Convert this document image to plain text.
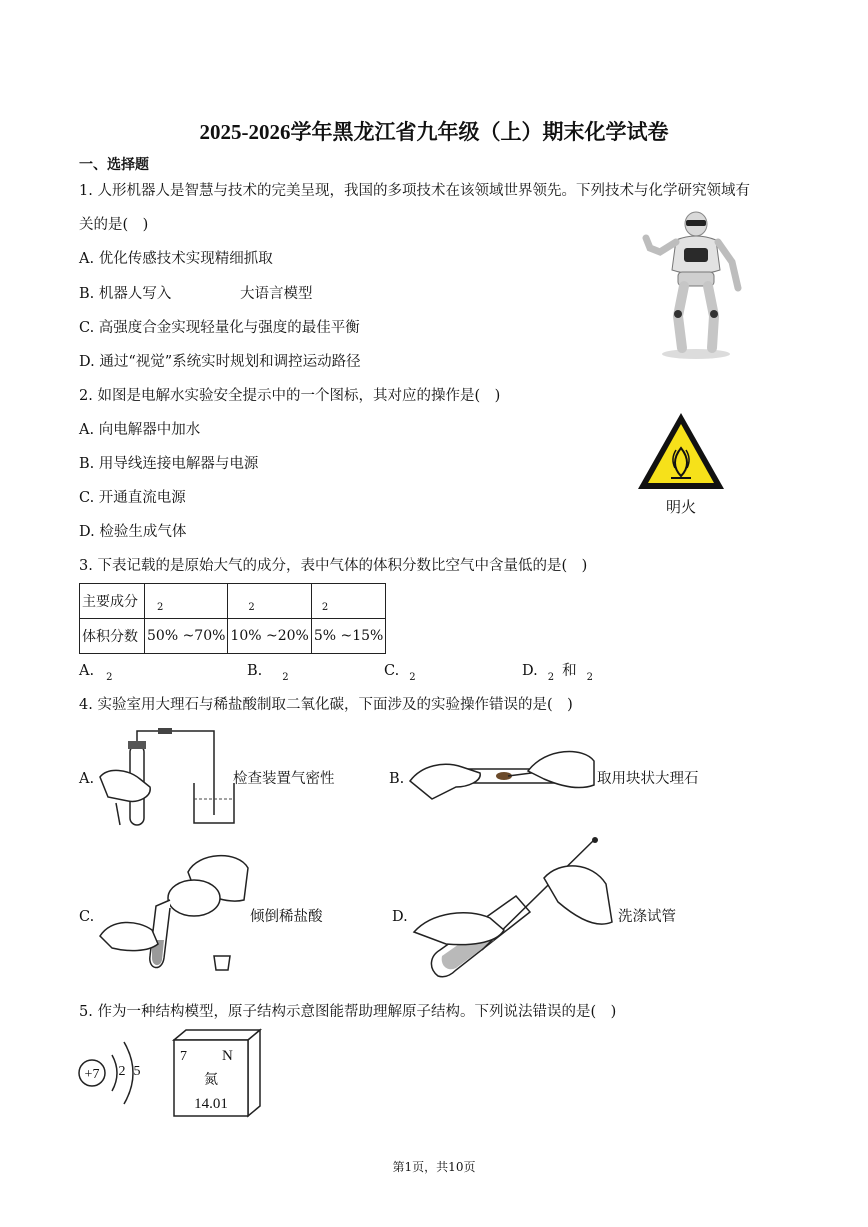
2025-2026学年黑龙江省九年级（上）期末化学试卷
一、选择题
1. 人形机器人是智慧与技术的完美呈现，我国的多项技术在该领域世界领先。下列技术与化学研究领域有
关的是(　)
A. 优化传感技术实现精细抓取
B. 机器人写入	大语言模型
C. 高强度合金实现轻量化与强度的最佳平衡
D. 通过“视觉”系统实时规划和调控运动路径
2. 如图是电解水实验安全提示中的一个图标，其对应的操作是(　)
A. 向电解器中加水
B. 用导线连接电解器与电源
C. 开通直流电源
D. 检验生成气体
明火
3. 下表记载的是原始大气的成分，表中气体的体积分数比空气中含量低的是(　)
主要成分	$_2$	$_2$	$_2$
体积分数	50% ~70%	10% ~20%	5% ~15%
A. $_2$	B. $_2$	C. $_2$	D. $_2$ 和 $_2$
4. 实验室用大理石与稀盐酸制取二氧化碳，下面涉及的实验操作错误的是(　)
A.	检查装置气密性	B.	取用块状大理石
C.	倾倒稀盐酸	D.	洗涤试管
5. 作为一种结构模型，原子结构示意图能帮助理解原子结构。下列说法错误的是(　)
+7 2 5
7 N
氮
14.01
第1页，共10页
